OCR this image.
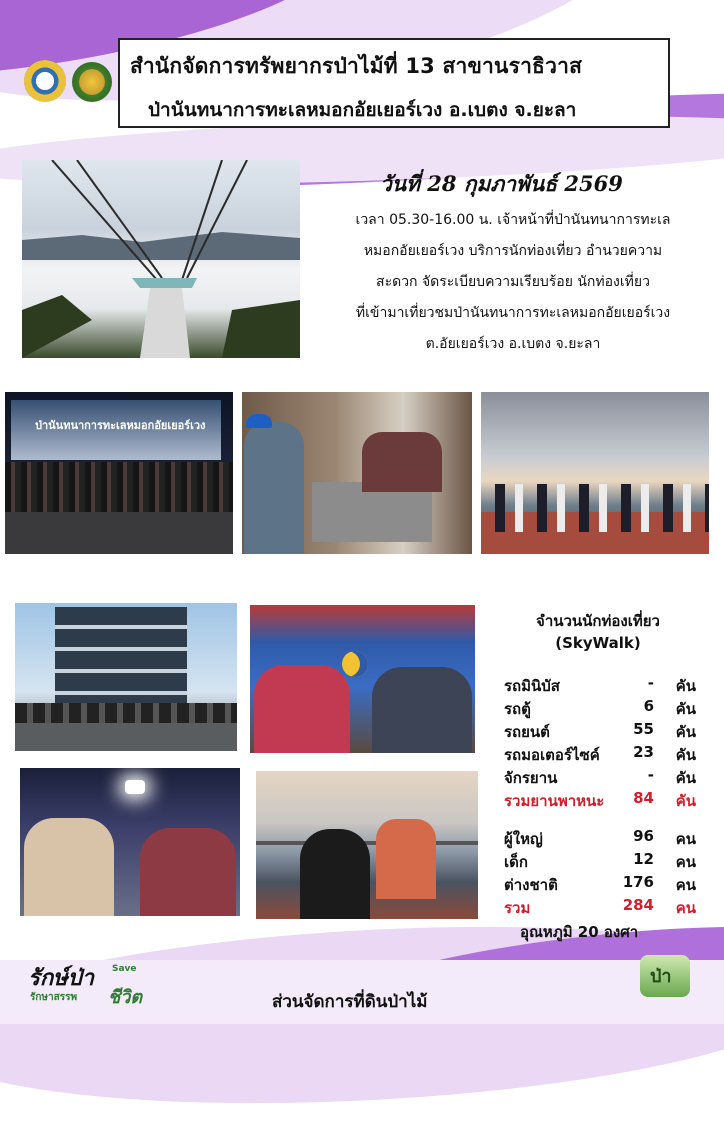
สำนักจัดการทรัพยากรป่าไม้ที่ 13 สาขานราธิวาส
ป่านันทนาการทะเลหมอกอัยเยอร์เวง อ.เบตง จ.ยะลา
วันที่ 28 กุมภาพันธ์ 2569
เวลา 05.30-16.00 น. เจ้าหน้าที่ป่านันทนาการทะเล
หมอกอัยเยอร์เวง บริการนักท่องเที่ยว อำนวยความ
สะดวก จัดระเบียบความเรียบร้อย นักท่องเที่ยว
ที่เข้ามาเที่ยวชมป่านันทนาการทะเลหมอกอัยเยอร์เวง
ต.อัยเยอร์เวง อ.เบตง จ.ยะลา
ป่านันทนาการทะเลหมอกอัยเยอร์เวง
จำนวนนักท่องเที่ยว
(SkyWalk)
รถมินิบัส	- คัน
รถตู้	6 คัน
รถยนต์	55 คัน
รถมอเตอร์ไซค์ 23 คัน
จักรยาน	- คัน
รวมยานพาหนะ 84 คัน
ผู้ใหญ่	96 คน
เด็ก	12 คน
ต่างชาติ	176 คน
รวม	284 คน
อุณหภูมิ 20 องศา
รักษ์ป่า Save
รักษาสรรพ ชีวิต	ส่วนจัดการที่ดินป่าไม้
ป่า
